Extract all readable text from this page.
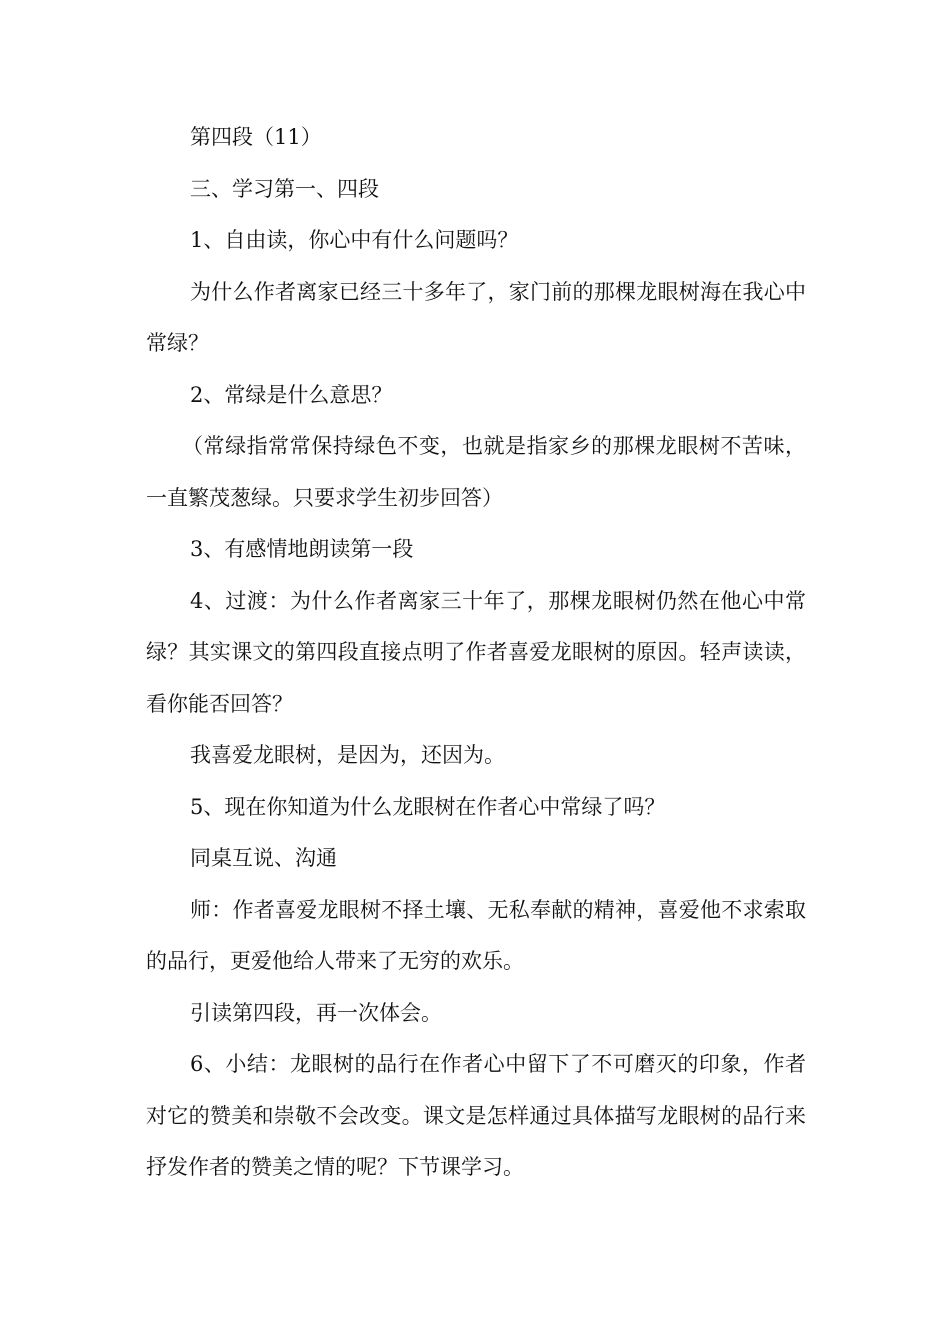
第四段（11）

三、学习第一、四段

1、自由读，你心中有什么问题吗？

为什么作者离家已经三十多年了，家门前的那棵龙眼树海在我心中常绿？

2、常绿是什么意思？

（常绿指常常保持绿色不变，也就是指家乡的那棵龙眼树不苦味，一直繁茂葱绿。只要求学生初步回答）

3、有感情地朗读第一段

4、过渡：为什么作者离家三十年了，那棵龙眼树仍然在他心中常绿？其实课文的第四段直接点明了作者喜爱龙眼树的原因。轻声读读，看你能否回答？

我喜爱龙眼树，是因为，还因为。

5、现在你知道为什么龙眼树在作者心中常绿了吗？

同桌互说、沟通

师：作者喜爱龙眼树不择土壤、无私奉献的精神，喜爱他不求索取的品行，更爱他给人带来了无穷的欢乐。

引读第四段，再一次体会。

6、小结：龙眼树的品行在作者心中留下了不可磨灭的印象，作者对它的赞美和崇敬不会改变。课文是怎样通过具体描写龙眼树的品行来抒发作者的赞美之情的呢？下节课学习。
